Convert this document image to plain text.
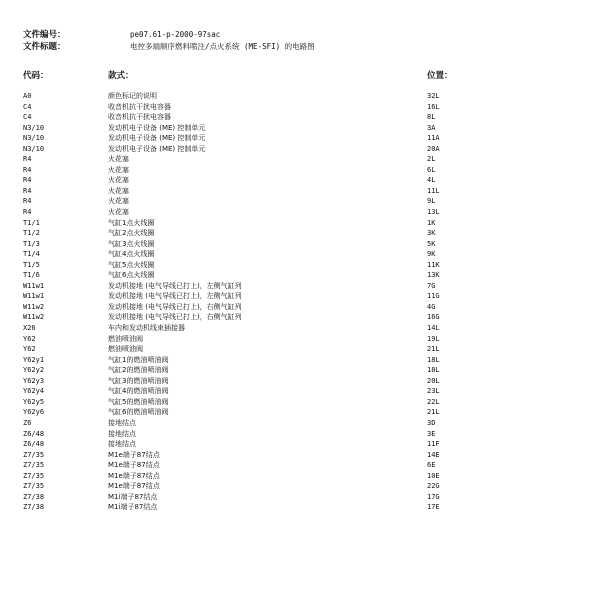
文件编号：	pe07.61-p-2000-97sac
文件标题：	电控多端顺序燃料喷注/点火系统 (ME-SFI) 的电路图
代码：	款式：	位置：
A0	颜色标记的说明	32L
C4	收音机抗干扰电容器	16L
C4	收音机抗干扰电容器	8L
N3/10	发动机电子设备 (ME) 控制单元	3A
N3/10	发动机电子设备 (ME) 控制单元	11A
N3/10	发动机电子设备 (ME) 控制单元	20A
R4	火花塞	2L
R4	火花塞	6L
R4	火花塞	4L
R4	火花塞	11L
R4	火花塞	9L
R4	火花塞	13L
T1/1	气缸1点火线圈	1K
T1/2	气缸2点火线圈	3K
T1/3	气缸3点火线圈	5K
T1/4	气缸4点火线圈	9K
T1/5	气缸5点火线圈	11K
T1/6	气缸6点火线圈	13K
W11w1	发动机接地 (电气导线已打上)，左侧气缸列	7G
W11w1	发动机接地 (电气导线已打上)，左侧气缸列	11G
W11w2	发动机接地 (电气导线已打上)，右侧气缸列	4G
W11w2	发动机接地 (电气导线已打上)，右侧气缸列	16G
X26	车内和发动机线束插接器	14L
Y62	燃油喷油阀	19L
Y62	燃油喷油阀	21L
Y62y1	气缸1的燃油喷油阀	18L
Y62y2	气缸2的燃油喷油阀	18L
Y62y3	气缸3的燃油喷油阀	20L
Y62y4	气缸4的燃油喷油阀	23L
Y62y5	气缸5的燃油喷油阀	22L
Y62y6	气缸6的燃油喷油阀	21L
Z6	接地结点	3D
Z6/48	接地结点	3E
Z6/48	接地结点	11F
Z7/35	M1e端子87结点	14E
Z7/35	M1e端子87结点	6E
Z7/35	M1e端子87结点	10E
Z7/35	M1e端子87结点	22G
Z7/38	M1i端子87结点	17G
Z7/38	M1i端子87结点	17E
